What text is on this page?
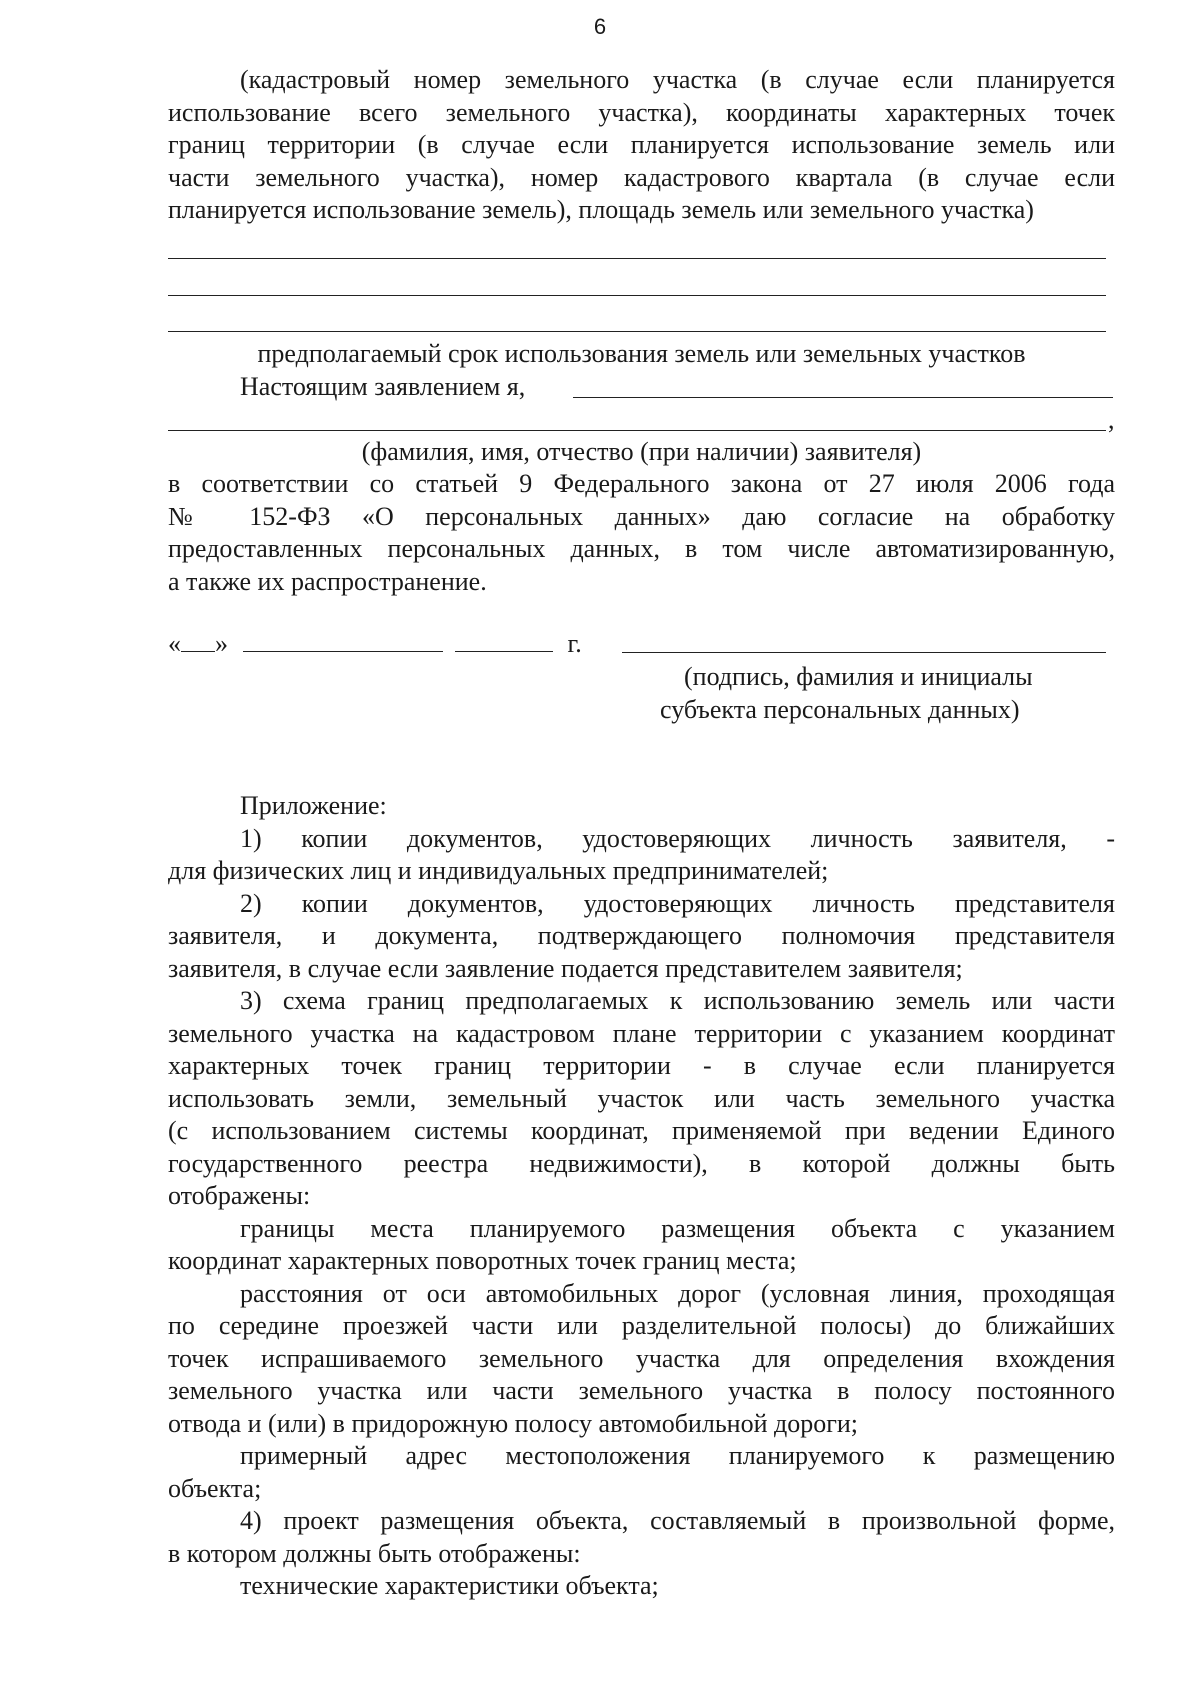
6

(кадастровый номер земельного участка (в случае если планируется

использование всего земельного участка), координаты характерных точек

границ территории (в случае если планируется использование земель или

части земельного участка), номер кадастрового квартала (в случае если

планируется использование земель), площадь земель или земельного участка)

предполагаемый срок использования земель или земельных участков
Настоящим заявлением я,
,
(фамилия, имя, отчество (при наличии) заявителя)

в соответствии со статьей 9 Федерального закона от 27 июля 2006 года

№ 152-ФЗ «О персональных данных» даю согласие на обработку

предоставленных персональных данных, в том числе автоматизированную,

а также их распространение.

« »	г.

(подпись, фамилия и инициалы

субъекта персональных данных)

Приложение:

1) копии документов, удостоверяющих личность заявителя, -

для физических лиц и индивидуальных предпринимателей;

2) копии документов, удостоверяющих личность представителя

заявителя, и документа, подтверждающего полномочия представителя

заявителя, в случае если заявление подается представителем заявителя;

3) схема границ предполагаемых к использованию земель или части

земельного участка на кадастровом плане территории с указанием координат

характерных точек границ территории - в случае если планируется

использовать земли, земельный участок или часть земельного участка

(с использованием системы координат, применяемой при ведении Единого

государственного реестра недвижимости), в которой должны быть

отображены:

границы места планируемого размещения объекта с указанием

координат характерных поворотных точек границ места;

расстояния от оси автомобильных дорог (условная линия, проходящая

по середине проезжей части или разделительной полосы) до ближайших

точек испрашиваемого земельного участка для определения вхождения

земельного участка или части земельного участка в полосу постоянного

отвода и (или) в придорожную полосу автомобильной дороги;

примерный адрес местоположения планируемого к размещению

объекта;

4) проект размещения объекта, составляемый в произвольной форме,

в котором должны быть отображены:

технические характеристики объекта;
